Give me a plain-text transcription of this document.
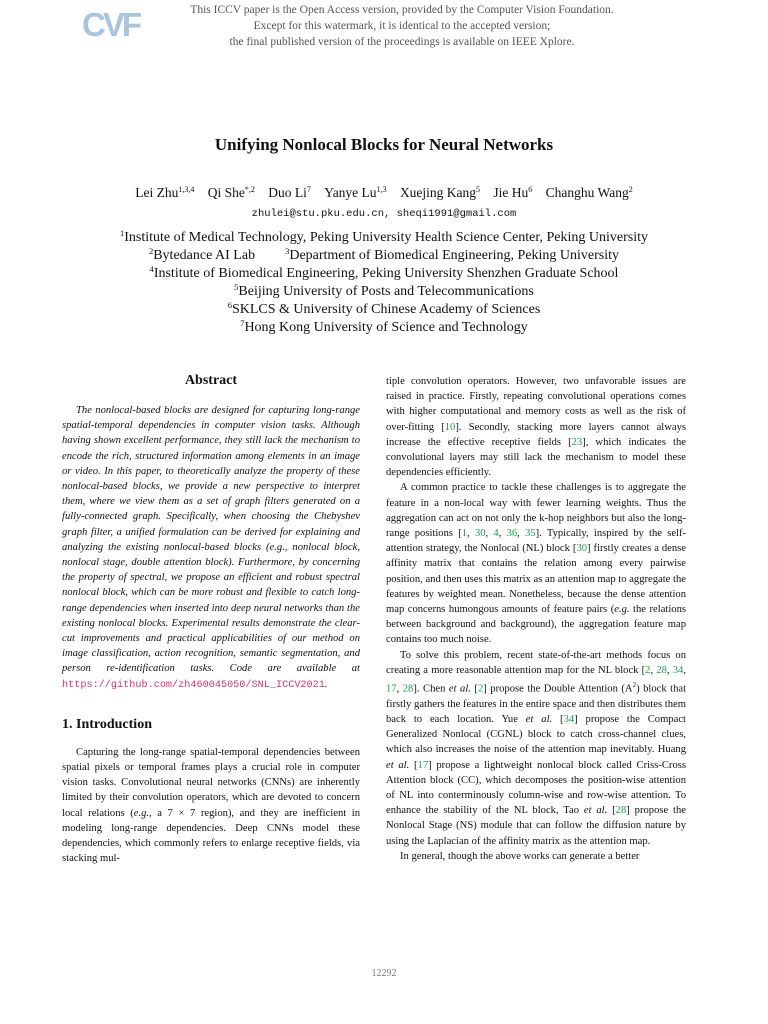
CVF	This ICCV paper is the Open Access version, provided by the Computer Vision Foundation.
Except for this watermark, it is identical to the accepted version;
the final published version of the proceedings is available on IEEE Xplore.
Unifying Nonlocal Blocks for Neural Networks
Lei Zhu$^{1,3,4}$ Qi She$^{*,2}$ Duo Li$^7$ Yanye Lu$^{1,3}$ Xuejing Kang$^5$ Jie Hu$^6$ Changhu Wang$^2$
zhulei@stu.pku.edu.cn, sheqi1991@gmail.com
$^1$Institute of Medical Technology, Peking University Health Science Center, Peking University
$^2$Bytedance AI Lab	$^3$Department of Biomedical Engineering, Peking University
$^4$Institute of Biomedical Engineering, Peking University Shenzhen Graduate School
$^5$Beijing University of Posts and Telecommunications
$^6$SKLCS & University of Chinese Academy of Sciences
$^7$Hong Kong University of Science and Technology
Abstract

The nonlocal-based blocks are designed for capturing long-range spatial-temporal dependencies in computer vision tasks. Although having shown excellent performance, they still lack the mechanism to encode the rich, structured information among elements in an image or video. In this paper, to theoretically analyze the property of these nonlocal-based blocks, we provide a new perspective to interpret them, where we view them as a set of graph filters generated on a fully-connected graph. Specifically, when choosing the Chebyshev graph filter, a unified formulation can be derived for explaining and analyzing the existing nonlocal-based blocks (e.g., nonlocal block, nonlocal stage, double attention block). Furthermore, by concerning the property of spectral, we propose an efficient and robust spectral nonlocal block, which can be more robust and flexible to catch long-range dependencies when inserted into deep neural networks than the existing nonlocal blocks. Experimental results demonstrate the clear-cut improvements and practical applicabilities of our method on image classification, action recognition, semantic segmentation, and person re-identification tasks. Code are available at https://github.com/zh460045050/SNL_ICCV2021.

1. Introduction

Capturing the long-range spatial-temporal dependencies between spatial pixels or temporal frames plays a crucial role in computer vision tasks. Convolutional neural networks (CNNs) are inherently limited by their convolution operators, which are devoted to concern local relations (e.g., a 7 × 7 region), and they are inefficient in modeling long-range dependencies. Deep CNNs model these dependencies, which commonly refers to enlarge receptive fields, via stacking mul-

tiple convolution operators. However, two unfavorable issues are raised in practice. Firstly, repeating convolutional operations comes with higher computational and memory costs as well as the risk of over-fitting [10]. Secondly, stacking more layers cannot always increase the effective receptive fields [23], which indicates the convolutional layers may still lack the mechanism to model these dependencies efficiently.

A common practice to tackle these challenges is to aggregate the feature in a non-local way with fewer learning weights. Thus the aggregation can act on not only the k-hop neighbors but also the long-range positions [1, 30, 4, 36, 35]. Typically, inspired by the self-attention strategy, the Nonlocal (NL) block [30] firstly creates a dense affinity matrix that contains the relation among every pairwise position, and then uses this matrix as an attention map to aggregate the features by weighted mean. Nonetheless, because the dense attention map concerns humongous amounts of feature pairs (e.g. the relations between background and background), the aggregation feature map contains too much noise.

To solve this problem, recent state-of-the-art methods focus on creating a more reasonable attention map for the NL block [2, 28, 34, 17, 28]. Chen et al. [2] propose the Double Attention $(A^2)$ block that firstly gathers the features in the entire space and then distributes them back to each location. Yue et al. [34] propose the Compact Generalized Nonlocal (CGNL) block to catch cross-channel clues, which also increases the noise of the attention map inevitably. Huang et al. [17] propose a lightweight nonlocal block called Criss-Cross Attention block (CC), which decomposes the position-wise attention of NL into conterminously column-wise and row-wise attention. To enhance the stability of the NL block, Tao et al. [28] propose the Nonlocal Stage (NS) module that can follow the diffusion nature by using the Laplacian of the affinity matrix as the attention map.

In general, though the above works can generate a better

12292
